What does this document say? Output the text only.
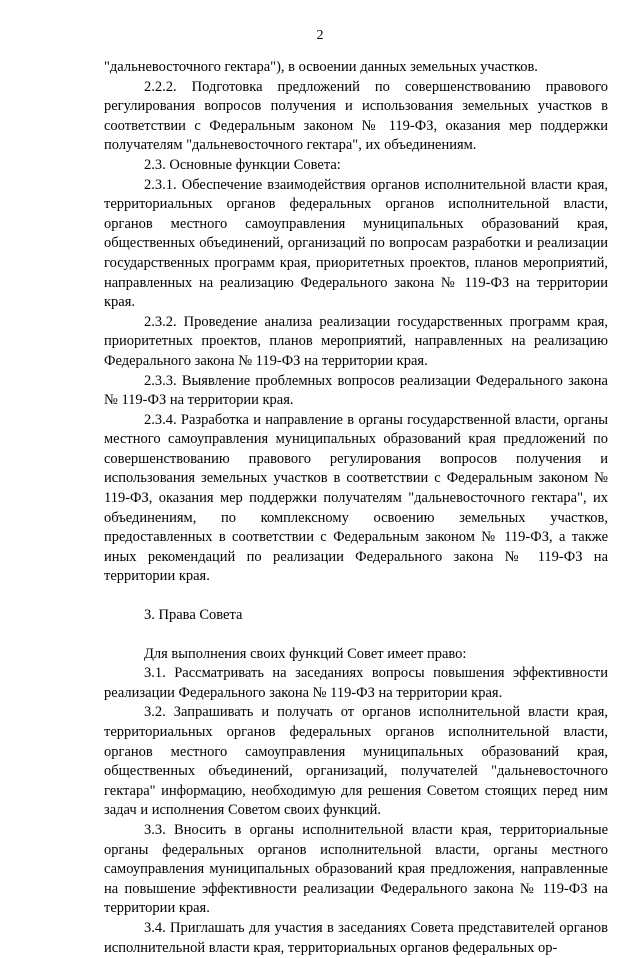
2

"дальневосточного гектара"), в освоении данных земельных участков.

2.2.2. Подготовка предложений по совершенствованию правового регулирования вопросов получения и использования земельных участков в соответствии с Федеральным законом № 119-ФЗ, оказания мер поддержки получателям "дальневосточного гектара", их объединениям.

2.3. Основные функции Совета:

2.3.1. Обеспечение взаимодействия органов исполнительной власти края, территориальных органов федеральных органов исполнительной власти, органов местного самоуправления муниципальных образований края, общественных объединений, организаций по вопросам разработки и реализации государственных программ края, приоритетных проектов, планов мероприятий, направленных на реализацию Федерального закона № 119-ФЗ на территории края.

2.3.2. Проведение анализа реализации государственных программ края, приоритетных проектов, планов мероприятий, направленных на реализацию Федерального закона № 119-ФЗ на территории края.

2.3.3. Выявление проблемных вопросов реализации Федерального закона № 119-ФЗ на территории края.

2.3.4. Разработка и направление в органы государственной власти, органы местного самоуправления муниципальных образований края предложений по совершенствованию правового регулирования вопросов получения и использования земельных участков в соответствии с Федеральным законом № 119-ФЗ, оказания мер поддержки получателям "дальневосточного гектара", их объединениям, по комплексному освоению земельных участков, предоставленных в соответствии с Федеральным законом № 119-ФЗ, а также иных рекомендаций по реализации Федерального закона № 119-ФЗ на территории края.

3. Права Совета

Для выполнения своих функций Совет имеет право:

3.1. Рассматривать на заседаниях вопросы повышения эффективности реализации Федерального закона № 119-ФЗ на территории края.

3.2. Запрашивать и получать от органов исполнительной власти края, территориальных органов федеральных органов исполнительной власти, органов местного самоуправления муниципальных образований края, общественных объединений, организаций, получателей "дальневосточного гектара" информацию, необходимую для решения Советом стоящих перед ним задач и исполнения Советом своих функций.

3.3. Вносить в органы исполнительной власти края, территориальные органы федеральных органов исполнительной власти, органы местного самоуправления муниципальных образований края предложения, направленные на повышение эффективности реализации Федерального закона № 119-ФЗ на территории края.

3.4. Приглашать для участия в заседаниях Совета представителей органов исполнительной власти края, территориальных органов федеральных ор-
